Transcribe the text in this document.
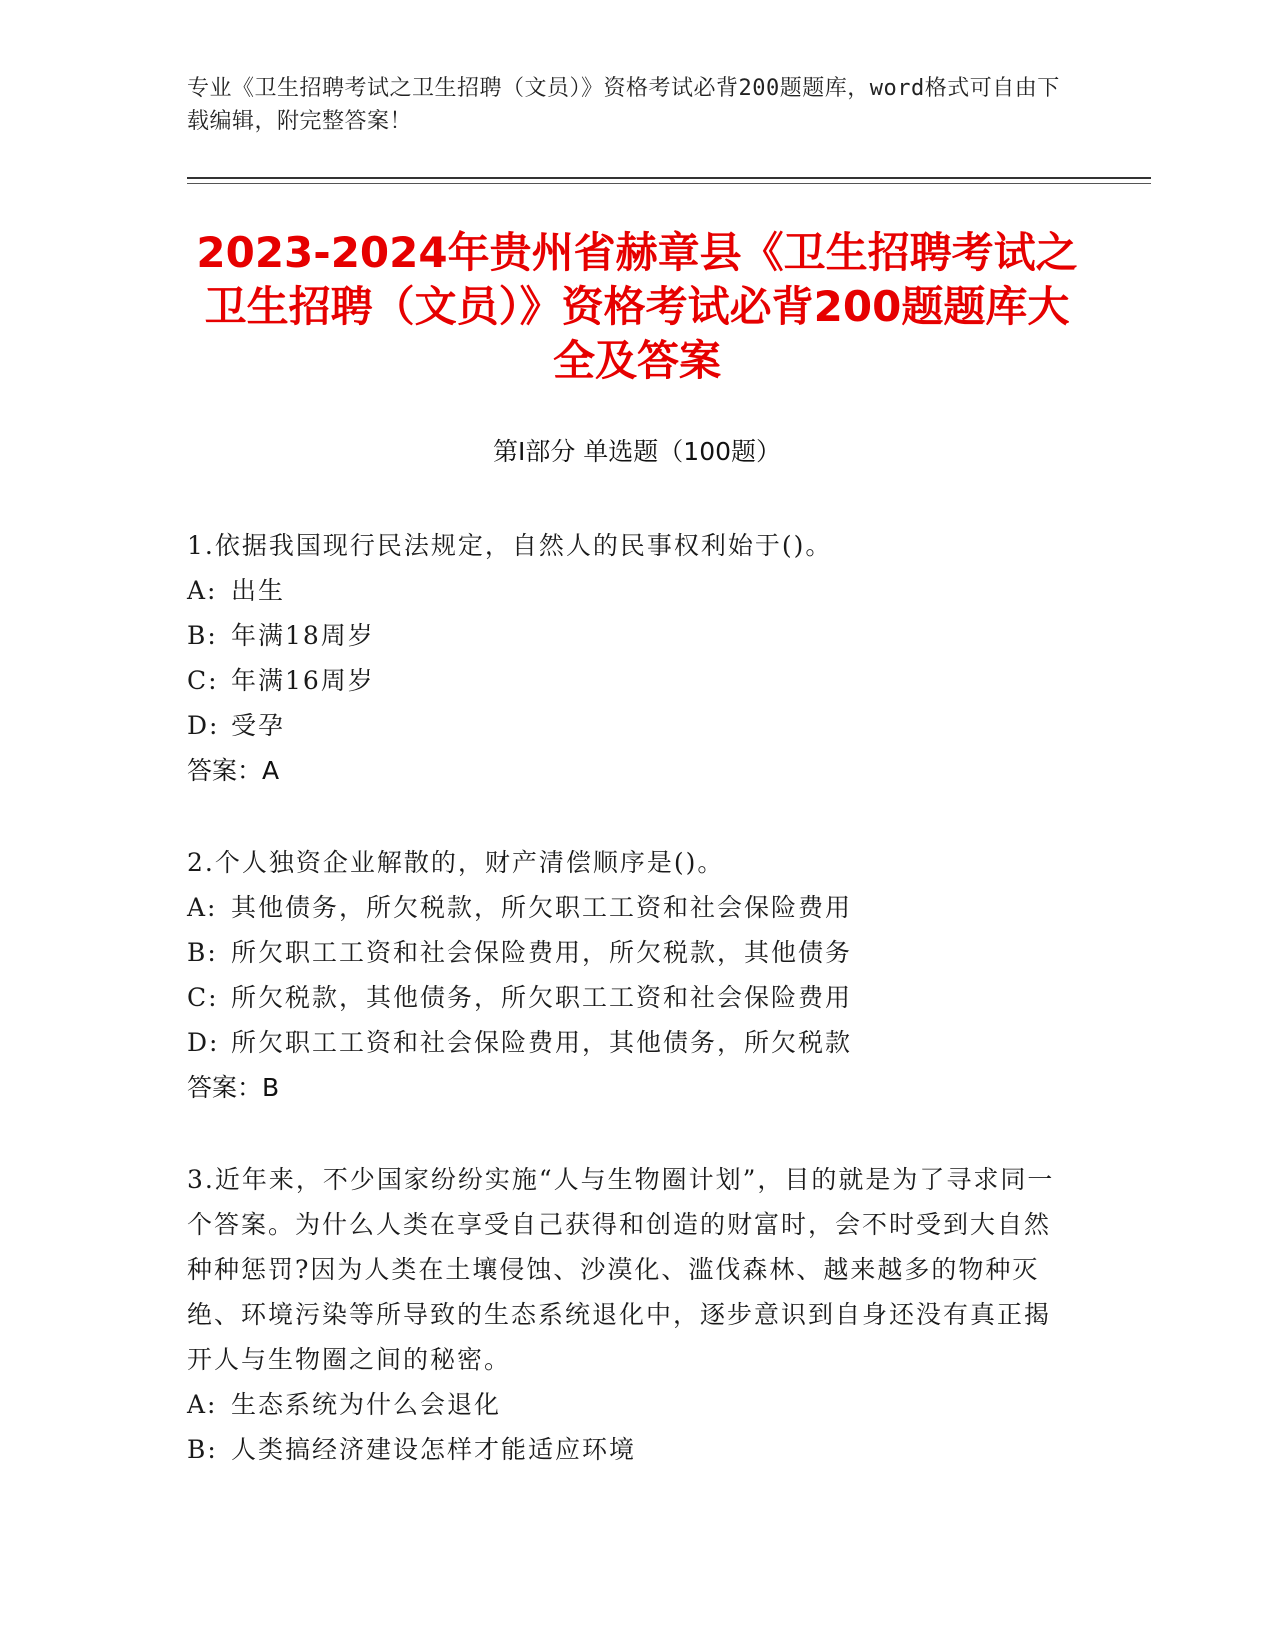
专业《卫生招聘考试之卫生招聘（文员）》资格考试必背200题题库，word格式可自由下载编辑，附完整答案！
2023-2024年贵州省赫章县《卫生招聘考试之卫生招聘（文员）》资格考试必背200题题库大全及答案
第Ⅰ部分 单选题（100题）

1.依据我国现行民法规定，自然人的民事权利始于()。

A: 出生

B: 年满18周岁

C: 年满16周岁

D: 受孕

答案：A

2.个人独资企业解散的，财产清偿顺序是()。

A: 其他债务，所欠税款，所欠职工工资和社会保险费用

B: 所欠职工工资和社会保险费用，所欠税款，其他债务

C: 所欠税款，其他债务，所欠职工工资和社会保险费用

D: 所欠职工工资和社会保险费用，其他债务，所欠税款

答案：B

3.近年来，不少国家纷纷实施“人与生物圈计划”，目的就是为了寻求同一个答案。为什么人类在享受自己获得和创造的财富时，会不时受到大自然种种惩罚?因为人类在土壤侵蚀、沙漠化、滥伐森林、越来越多的物种灭绝、环境污染等所导致的生态系统退化中，逐步意识到自身还没有真正揭开人与生物圈之间的秘密。

A: 生态系统为什么会退化

B: 人类搞经济建设怎样才能适应环境
